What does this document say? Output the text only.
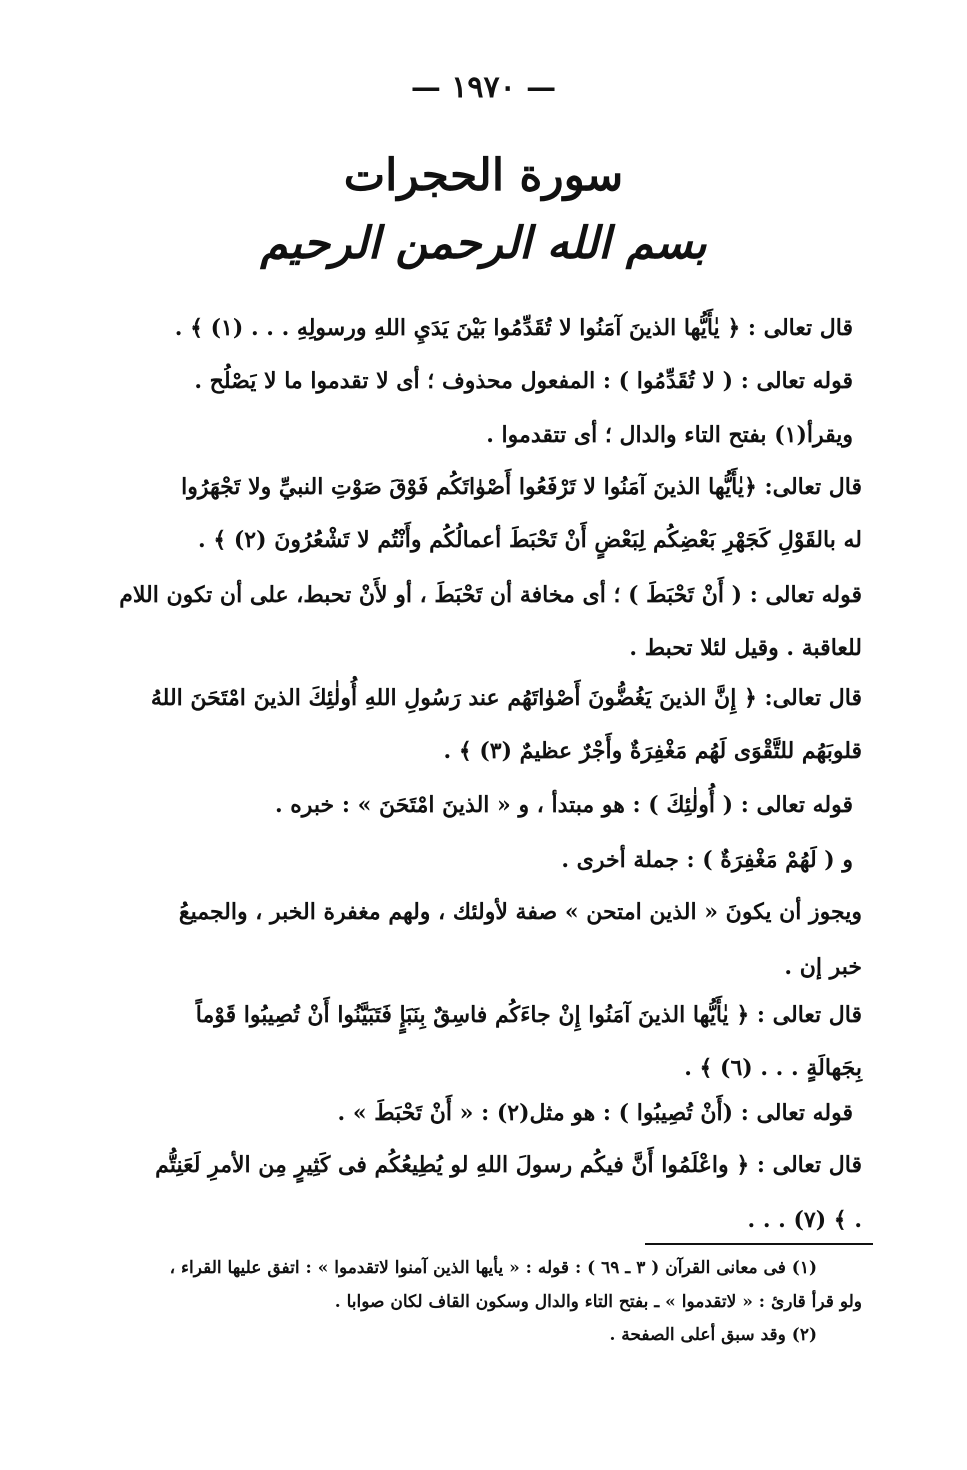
— ١٩٧٠ —
سورة الحجرات
بسم الله الرحمن الرحيم
قال تعالى : ﴿ يٰأَيُّها الذينَ آمَنُوا لا تُقَدِّمُوا بَيْنَ يَدَيِ اللهِ ورسولِهِ . . . (١) ﴾ .
قوله تعالى : ( لا تُقَدِّمُوا ) : المفعول محذوف ؛ أى لا تقدموا ما لا يَصْلُح .
ويقرأ(١) بفتح التاء والدال ؛ أى تتقدموا .
قال تعالى: ﴿يٰأَيُّها الذينَ آمَنُوا لا تَرْفَعُوا أَصْوٰاتَكُم فَوْقَ صَوْتِ النبيِّ ولا تَجْهَرُوا
له بالقَوْلِ كَجَهْرِ بَعْضِكُم لِبَعْضٍ أَنْ تَحْبَطَ أعمالُكُم وأَنْتُم لا تَشْعُرُونَ (٢) ﴾ .
قوله تعالى : ( أَنْ تَحْبَطَ ) ؛ أى مخافة أن تَحْبَطَ ، أو لأَنْ تحبط، على أن تكون اللام
للعاقبة . وقيل لئلا تحبط .
قال تعالى: ﴿ إِنَّ الذينَ يَغُضُّونَ أَصْوٰاتَهُم عند رَسُولِ اللهِ أُولٰئِكَ الذينَ امْتَحَنَ اللهُ
قلوبَهُم للتَّقْوَى لَهُم مَغْفِرَةٌ وأَجْرٌ عظيمٌ (٣) ﴾ .
قوله تعالى : ( أُولٰئِكَ ) : هو مبتدأ ، و « الذينَ امْتَحَنَ » : خبره .
و ( لَهُمْ مَغْفِرَةٌ ) : جملة أخرى .
ويجوز أن يكونَ « الذين امتحن » صفة لأولئك ، ولهم مغفرة الخبر ، والجميعُ
خبر إن .
قال تعالى : ﴿ يٰأَيُّها الذينَ آمَنُوا إِنْ جاءَكُم فاسِقٌ بِنَبَإٍ فَتَبَيَّنُوا أَنْ تُصِيبُوا قَوْماً
بِجَهالَةٍ . . . (٦) ﴾ .
قوله تعالى : (أَنْ تُصِيبُوا ) : هو مثل(٢) : « أَنْ تَحْبَطَ » .
قال تعالى : ﴿ واعْلَمُوا أَنَّ فيكُم رسولَ اللهِ لو يُطِيعُكُم فى كَثِيرٍ مِن الأمرِ لَعَنِتُّم
. . . (٧) ﴾ .
(١) فى معانى القرآن ( ٣ ـ ٦٩ ) : قوله : « يأيها الذين آمنوا لاتقدموا » : اتفق عليها القراء ،
ولو قرأ قارئ : « لاتقدموا » ـ بفتح التاء والدال وسكون القاف لكان صوابا .
(٢) وقد سبق أعلى الصفحة .
